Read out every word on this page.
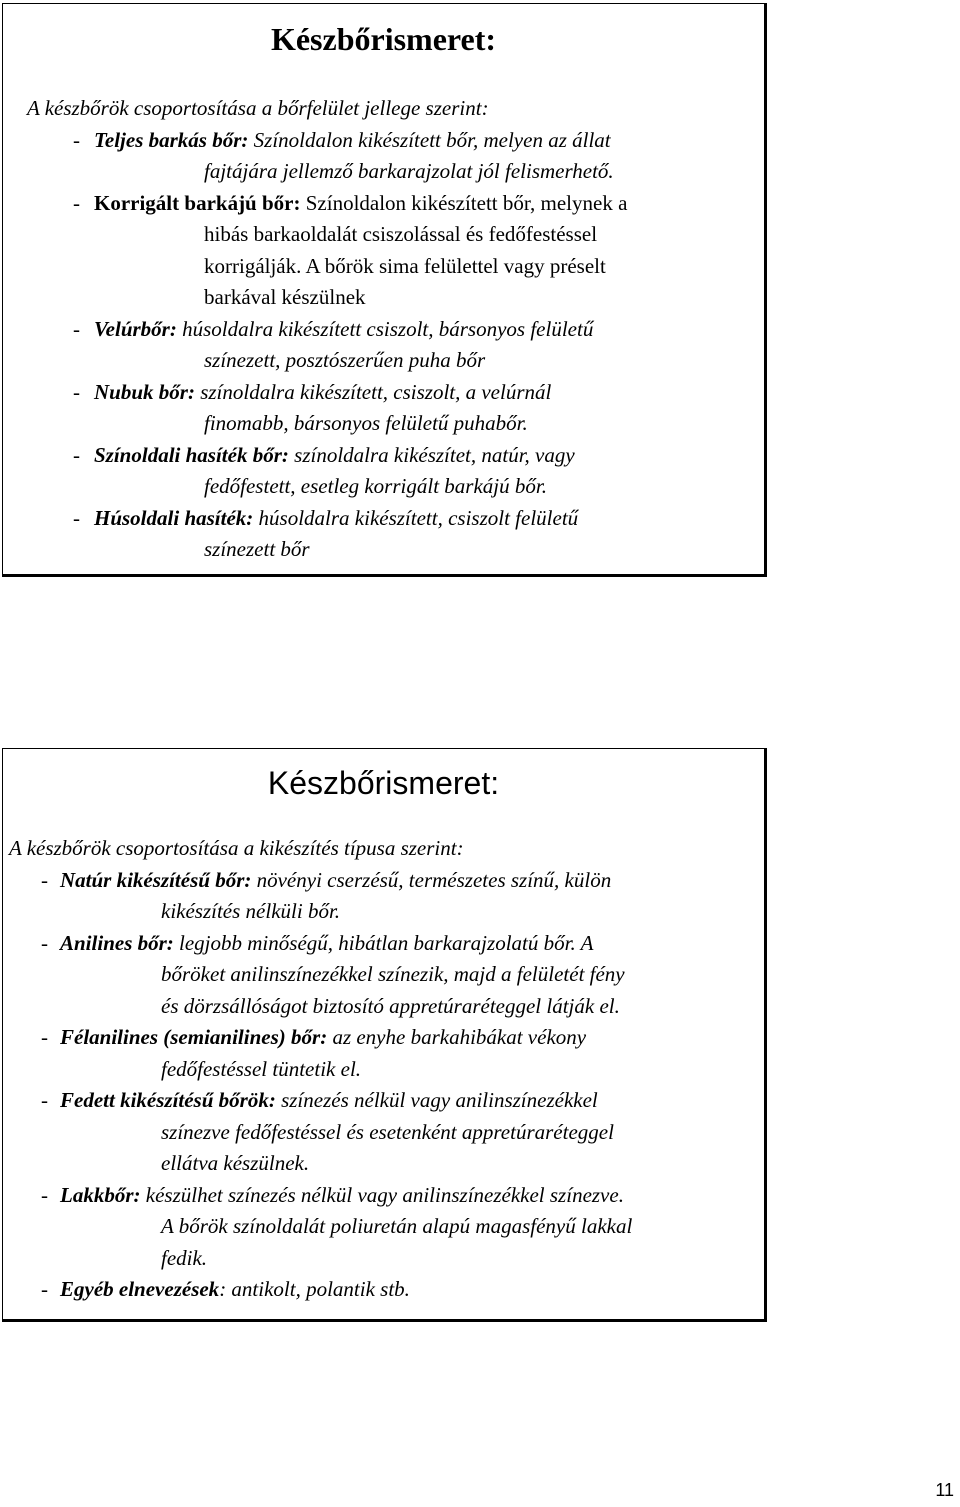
Készbőrismeret:
A készbőrök csoportosítása a bőrfelület jellege szerint:
- Teljes barkás bőr: Színoldalon kikészített bőr, melyen az állat
fajtájára jellemző barkarajzolat jól felismerhető.
- Korrigált barkájú bőr: Színoldalon kikészített bőr, melynek a
hibás barkaoldalát csiszolással és fedőfestéssel
korrigálják. A bőrök sima felülettel vagy préselt
barkával készülnek
- Velúrbőr: húsoldalra kikészített csiszolt, bársonyos felületű
színezett, posztószerűen puha bőr
- Nubuk bőr: színoldalra kikészített, csiszolt, a velúrnál
finomabb, bársonyos felületű puhabőr.
- Színoldali hasíték bőr: színoldalra kikészítet, natúr, vagy
fedőfestett, esetleg korrigált barkájú bőr.
- Húsoldali hasíték: húsoldalra kikészített, csiszolt felületű
színezett bőr
Készbőrismeret:
A készbőrök csoportosítása a kikészítés típusa szerint:
- Natúr kikészítésű bőr: növényi cserzésű, természetes színű, külön
kikészítés nélküli bőr.
- Anilines bőr: legjobb minőségű, hibátlan barkarajzolatú bőr. A
bőröket anilinszínezékkel színezik, majd a felületét fény
és dörzsállóságot biztosító appretúraréteggel látják el.
- Félanilines (semianilines) bőr: az enyhe barkahibákat vékony
fedőfestéssel tüntetik el.
- Fedett kikészítésű bőrök: színezés nélkül vagy anilinszínezékkel
színezve fedőfestéssel és esetenként appretúraréteggel
ellátva készülnek.
- Lakkbőr: készülhet színezés nélkül vagy anilinszínezékkel színezve.
A bőrök színoldalát poliuretán alapú magasfényű lakkal
fedik.
- Egyéb elnevezések: antikolt, polantik stb.
11
